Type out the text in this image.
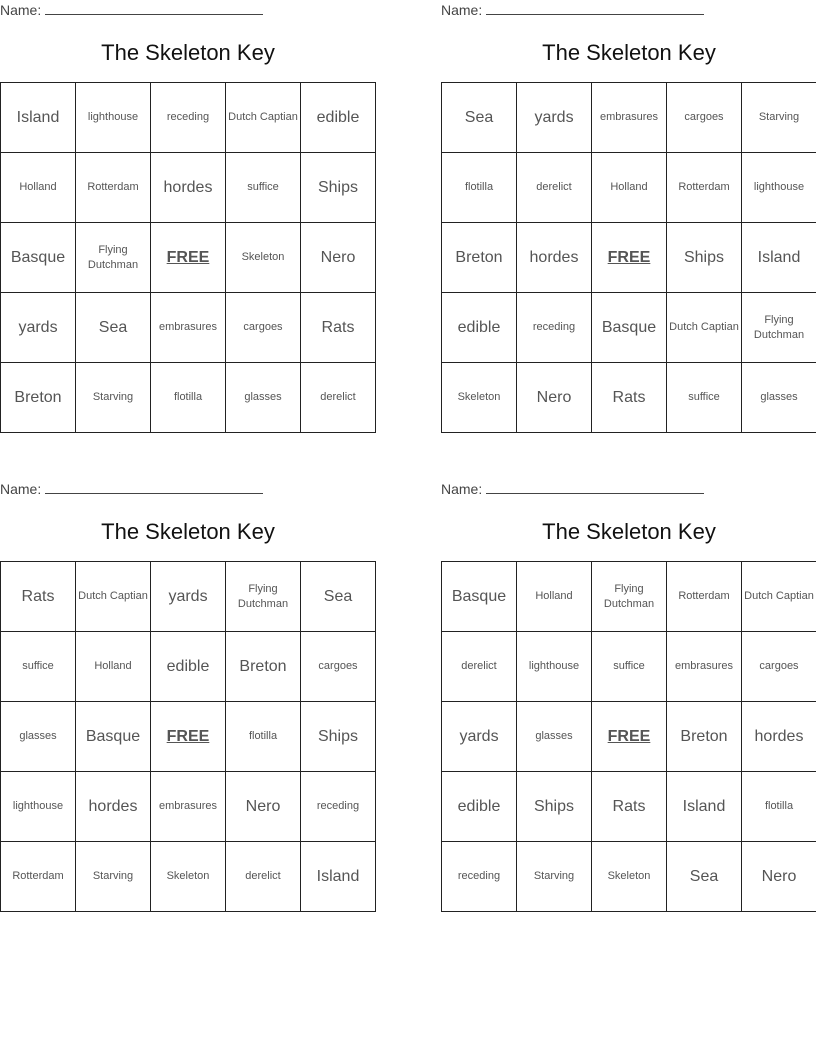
Name:
The Skeleton Key
Island	lighthouse	receding	Dutch Captian	edible
Holland	Rotterdam	hordes	suffice	Ships
Basque	Flying Dutchman	FREE	Skeleton	Nero
yards	Sea	embrasures	cargoes	Rats
Breton	Starving	flotilla	glasses	derelict
Name:
The Skeleton Key
Sea	yards	embrasures	cargoes	Starving
flotilla	derelict	Holland	Rotterdam	lighthouse
Breton	hordes	FREE	Ships	Island
edible	receding	Basque	Dutch Captian	Flying Dutchman
Skeleton	Nero	Rats	suffice	glasses
Name:
The Skeleton Key
Rats	Dutch Captian	yards	Flying Dutchman	Sea
suffice	Holland	edible	Breton	cargoes
glasses	Basque	FREE	flotilla	Ships
lighthouse	hordes	embrasures	Nero	receding
Rotterdam	Starving	Skeleton	derelict	Island
Name:
The Skeleton Key
Basque	Holland	Flying Dutchman	Rotterdam	Dutch Captian
derelict	lighthouse	suffice	embrasures	cargoes
yards	glasses	FREE	Breton	hordes
edible	Ships	Rats	Island	flotilla
receding	Starving	Skeleton	Sea	Nero
